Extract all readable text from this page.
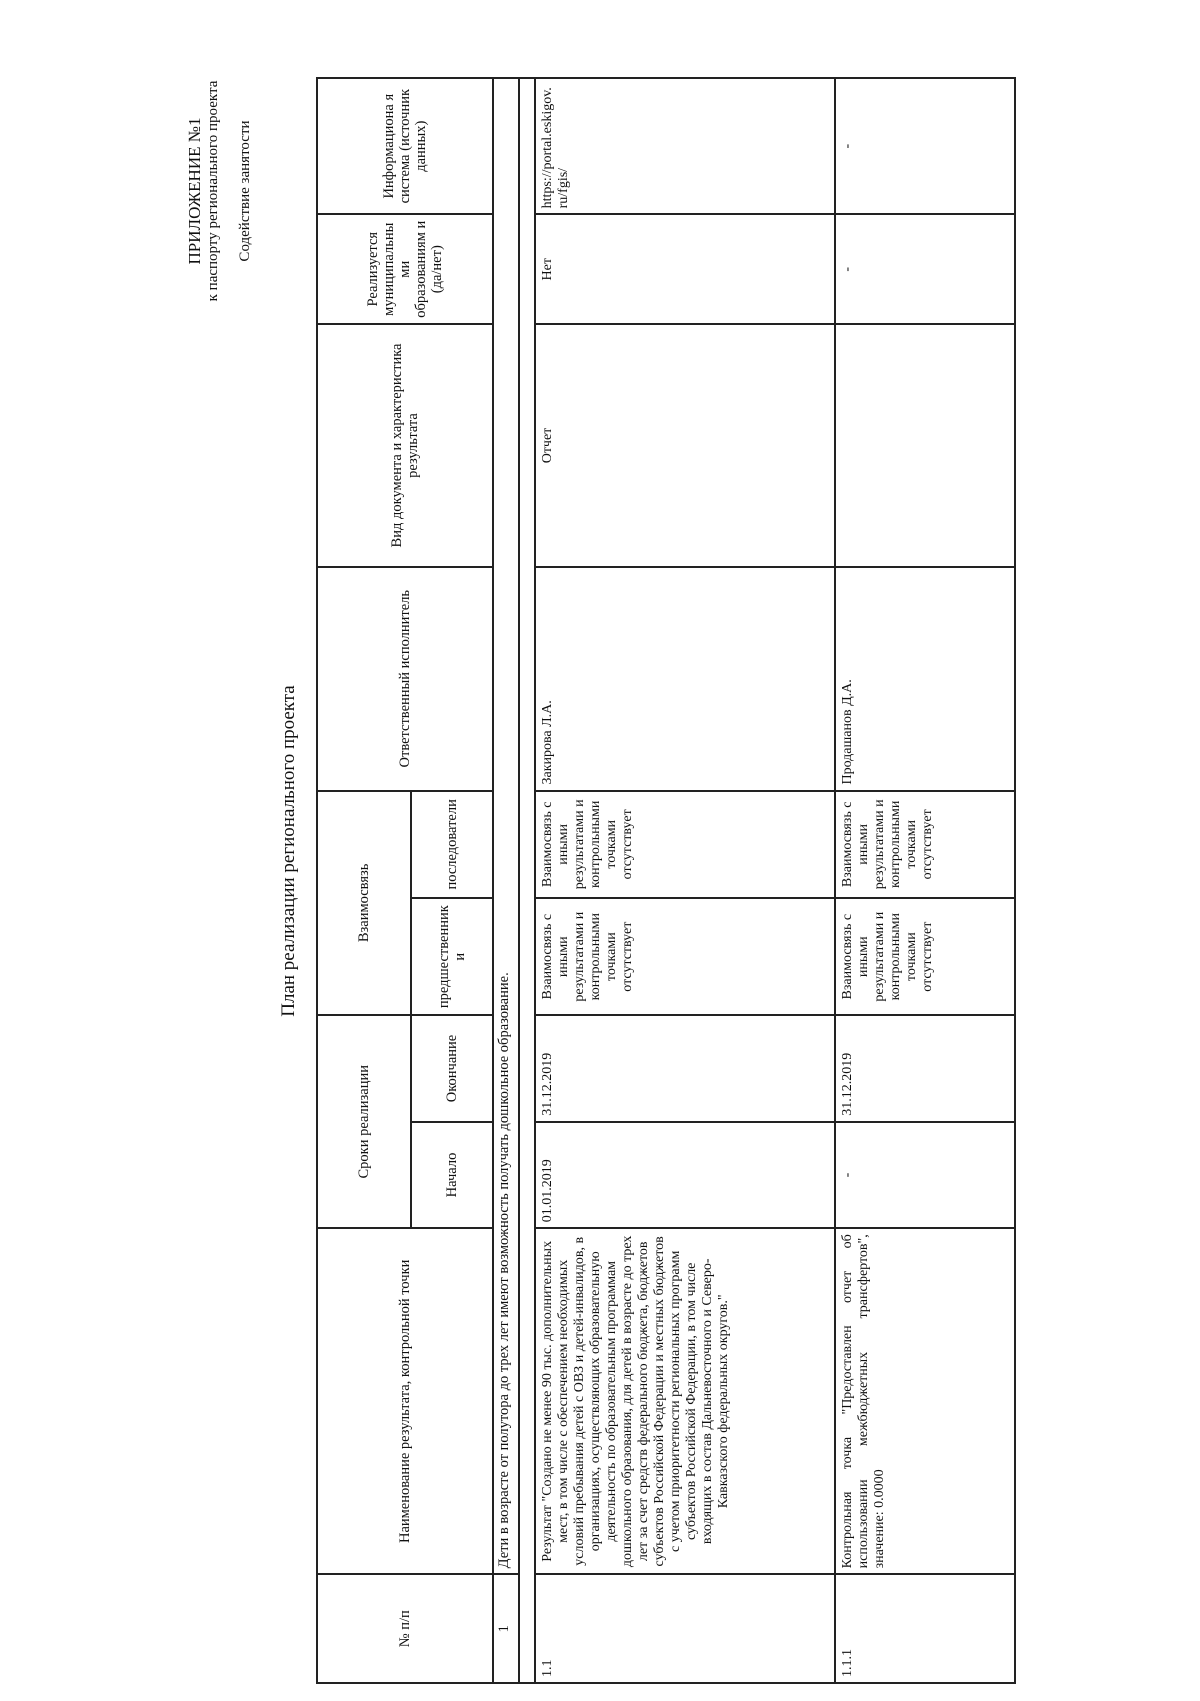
ПРИЛОЖЕНИЕ №1 к паспорту регионального проекта Содействие занятости
План реализации регионального проекта
№ п/п	Наименование результата, контрольной точки	Сроки реализации		Взаимосвязь		Ответственный исполнитель	Вид документа и характеристика результата	Реализуется муниципальны ми образованиям и (да/нет)	Информациона я система (источник данных)
		Начало	Окончание	предшественник и	последователи				
1	Дети в возрасте от полутора до трех лет имеют возможность получать дошкольное образование.								

1.1	Результат "Создано не менее 90 тыс. дополнительных мест, в том числе с обеспечением необходимых условий пребывания детей с ОВЗ и детей-инвалидов, в организациях, осуществляющих образовательную деятельность по образовательным программам дошкольного образования, для детей в возрасте до трех лет за счет средств федерального бюджета, бюджетов субъектов Российской Федерации и местных бюджетов с учетом приоритетности региональных программ субъектов Российской Федерации, в том числе входящих в состав Дальневосточного и Северо-Кавказского федеральных округов."	01.01.2019	31.12.2019	Взаимосвязь с иными результатами и контрольными точками отсутствует	Взаимосвязь с иными результатами и контрольными точками отсутствует	Закирова Л.А.	Отчет	Нет	https://portal.eskigov.ru/fgis/
1.1.1	Контрольная точка "Предоставлен отчет об использовании межбюджетных трансфертов", значение: 0.0000	-	31.12.2019	Взаимосвязь с иными результатами и контрольными точками отсутствует	Взаимосвязь с иными результатами и контрольными точками отсутствует	Продашанов Д.А.		-	-
